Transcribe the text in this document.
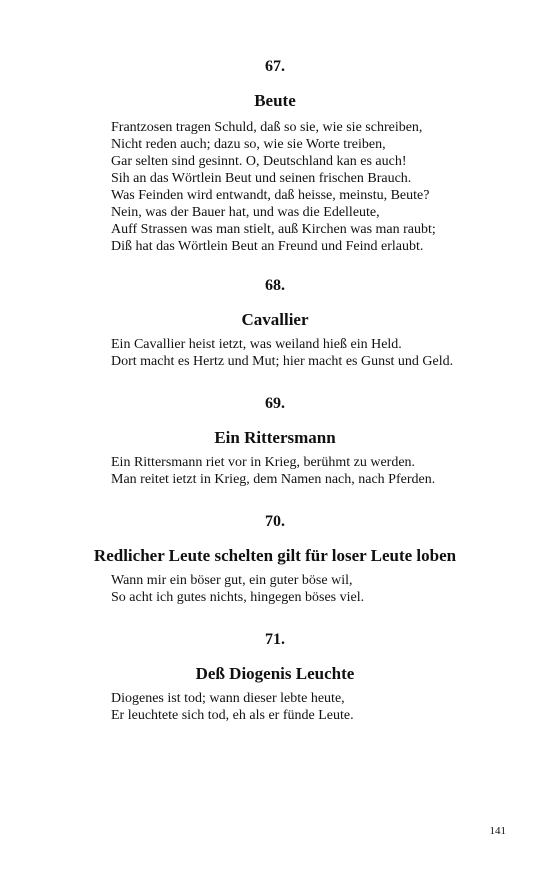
67.
Beute
Frantzosen tragen Schuld, daß so sie, wie sie schreiben,
Nicht reden auch; dazu so, wie sie Worte treiben,
Gar selten sind gesinnt. O, Deutschland kan es auch!
Sih an das Wörtlein Beut und seinen frischen Brauch.
Was Feinden wird entwandt, daß heisse, meinstu, Beute?
Nein, was der Bauer hat, und was die Edelleute,
Auff Strassen was man stielt, auß Kirchen was man raubt;
Diß hat das Wörtlein Beut an Freund und Feind erlaubt.
68.
Cavallier
Ein Cavallier heist ietzt, was weiland hieß ein Held.
Dort macht es Hertz und Mut; hier macht es Gunst und Geld.
69.
Ein Rittersmann
Ein Rittersmann riet vor in Krieg, berühmt zu werden.
Man reitet ietzt in Krieg, dem Namen nach, nach Pferden.
70.
Redlicher Leute schelten gilt für loser Leute loben
Wann mir ein böser gut, ein guter böse wil,
So acht ich gutes nichts, hingegen böses viel.
71.
Deß Diogenis Leuchte
Diogenes ist tod; wann dieser lebte heute,
Er leuchtete sich tod, eh als er fünde Leute.
141
